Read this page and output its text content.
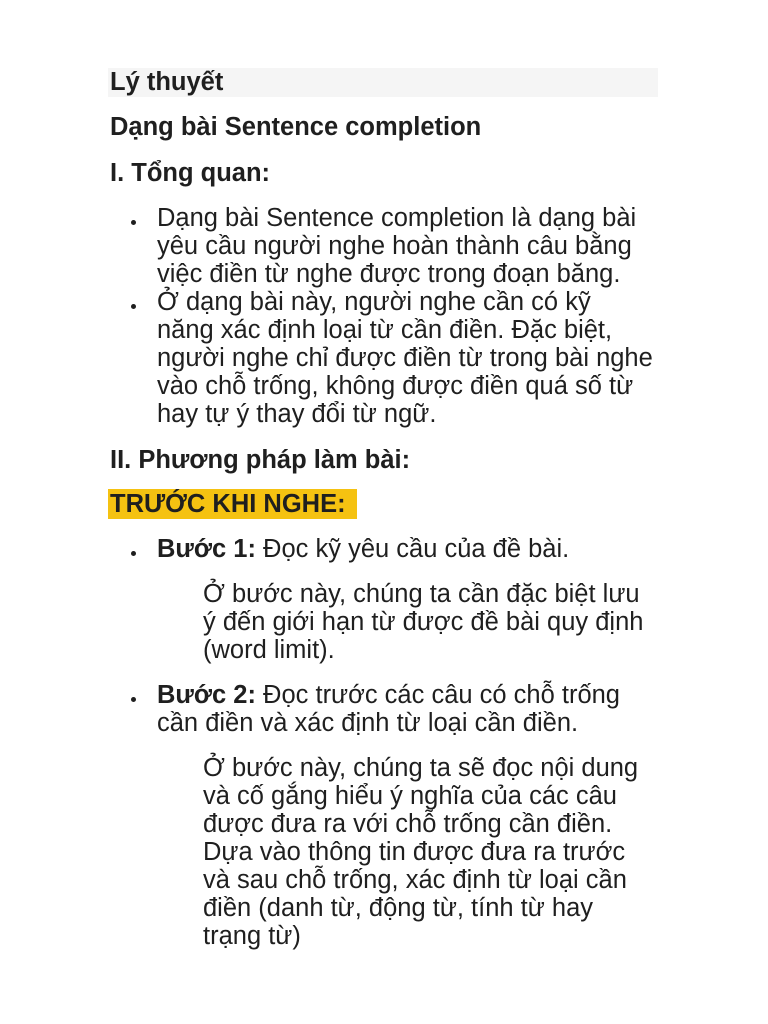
Lý thuyết
Dạng bài Sentence completion
I. Tổng quan:
Dạng bài Sentence completion là dạng bài
yêu cầu người nghe hoàn thành câu bằng
việc điền từ nghe được trong đoạn băng.
Ở dạng bài này, người nghe cần có kỹ
năng xác định loại từ cần điền. Đặc biệt,
người nghe chỉ được điền từ trong bài nghe
vào chỗ trống, không được điền quá số từ
hay tự ý thay đổi từ ngữ.
II. Phương pháp làm bài:
TRƯỚC KHI NGHE:
Bước 1: Đọc kỹ yêu cầu của đề bài.
Ở bước này, chúng ta cần đặc biệt lưu
ý đến giới hạn từ được đề bài quy định
(word limit).
Bước 2: Đọc trước các câu có chỗ trống
cần điền và xác định từ loại cần điền.
Ở bước này, chúng ta sẽ đọc nội dung
và cố gắng hiểu ý nghĩa của các câu
được đưa ra với chỗ trống cần điền.
Dựa vào thông tin được đưa ra trước
và sau chỗ trống, xác định từ loại cần
điền (danh từ, động từ, tính từ hay
trạng từ)
